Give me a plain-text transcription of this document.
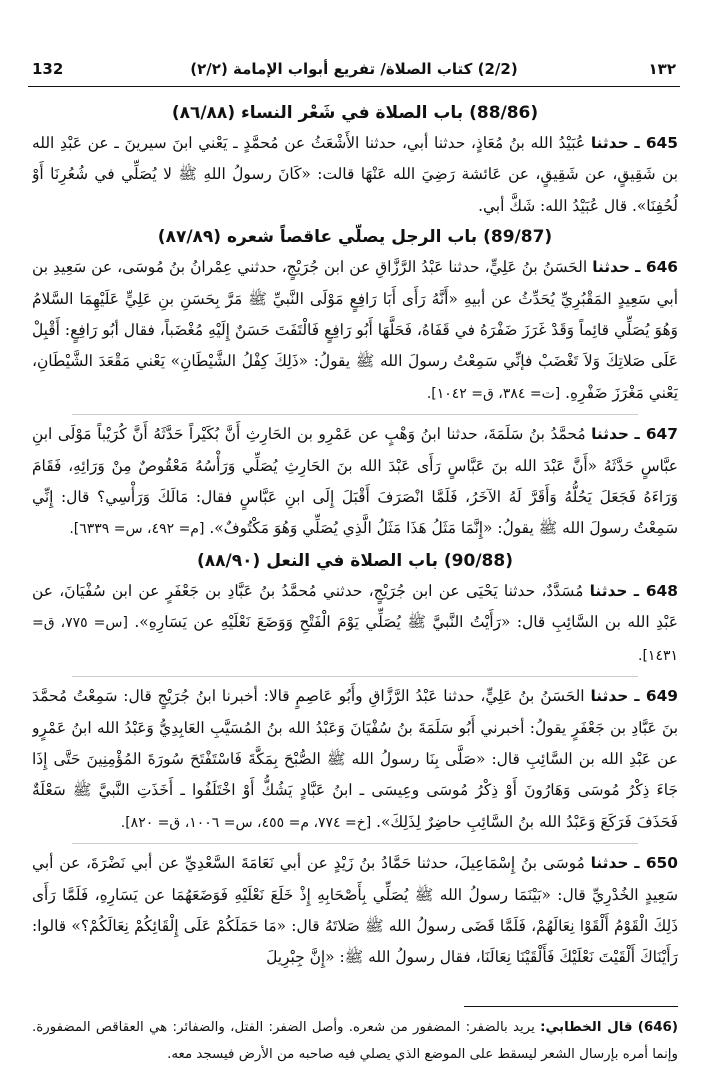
132	(2/2) كتاب الصلاة/ تفريع أبواب الإمامة (٢/٢)	١٣٢
(88/86) باب الصلاة في شَعْر النساء (٨٦/٨٨)

645 ـ حدثنا عُبَيْدُ الله بنُ مُعَاذٍ، حدثنا أبي، حدثنا الأَشْعَثُ عن مُحمَّدٍ ـ يَعْني ابنَ سيرينَ ـ عن عَبْدِ الله بن شَقِيقٍ، عن شَقِيقٍ، عن عَائشة رَضِيَ الله عَنْهَا قالت: «كَانَ رسولُ اللهِ ﷺ لا يُصَلِّي في شُعُرِنَا أَوْ لُحُفِنَا». قال عُبَيْدُ الله: شَكَّ أبي.

(89/87) باب الرجل يصلّي عاقصاً شعره (٨٧/٨٩)

646 ـ حدثنا الحَسَنُ بنُ عَلِيٍّ، حدثنا عَبْدُ الرَّزَّاقِ عن ابن جُرَيْجٍ، حدثني عِمْرانُ بنُ مُوسَى، عن سَعِيدِ بن أبي سَعِيدٍ المَقْبُرِيِّ يُحَدِّثُ عن أبيهِ «أَنَّهُ رَأَى أَبَا رَافِعٍ مَوْلَى النَّبيِّ ﷺ مَرَّ بِحَسَنِ بنِ عَلِيٍّ عَلَيْهِمَا السَّلامُ وَهُوَ يُصَلِّي قائِماً وَقَدْ غَرَزَ ضَفْرَهُ في قَفَاهُ، فَحَلَّهَا أَبُو رَافِعٍ فَالْتَفَتَ حَسَنٌ إِلَيْهِ مُغْضَباً، فقال أبُو رَافِعٍ: أَقْبِلْ عَلَى صَلاتِكَ وَلاَ تَغْضَبْ فإنِّي سَمِعْتُ رسولَ الله ﷺ يقولُ: «ذَلِكَ كِفْلُ الشَّيْطَانِ» يَعْني مَقْعَدَ الشَّيْطَانِ، يَعْني مَغْرَزَ ضَفْرِهِ. [ت= ٣٨٤، ق= ١٠٤٢].

647 ـ حدثنا مُحمَّدُ بنُ سَلَمَةَ، حدثنا ابنُ وَهْبٍ عن عَمْرِو بن الحَارِثِ أَنَّ بُكَيْراً حَدَّثَهُ أَنَّ كُرَيْباً مَوْلَى ابنِ عبَّاسٍ حَدَّثَهُ «أَنَّ عَبْدَ الله بنَ عَبَّاسٍ رَأَى عَبْدَ الله بنَ الحَارِثِ يُصَلِّي وَرَأْسُهُ مَعْقُوصٌ مِنْ وَرَائِهِ، فَقَامَ وَرَاءَهُ فَجَعَلَ يَحُلُّهُ وَأَقَرَّ لَهُ الآخَرُ، فَلَمَّا انْصَرَفَ أَقْبَلَ إِلَى ابنِ عَبَّاسٍ فقال: مَالَكَ وَرَأْسِي؟ قال: إِنِّي سَمِعْتُ رسولَ الله ﷺ يقولُ: «إِنَّمَا مَثَلُ هَذَا مَثَلُ الَّذِي يُصَلِّي وَهُوَ مَكْتُوفٌ». [م= ٤٩٢، س= ٦٣٣٩].

(90/88) باب الصلاة في النعل (٨٨/٩٠)

648 ـ حدثنا مُسَدَّدٌ، حدثنا يَحْيَى عن ابن جُرَيْجٍ، حدثني مُحمَّدُ بنُ عَبَّادِ بن جَعْفَرٍ عن ابن سُفْيَانَ، عن عَبْدِ الله بن السَّائِبِ قال: «رَأَيْتُ النَّبيَّ ﷺ يُصَلِّي يَوْمَ الْفَتْحِ وَوَضَعَ نَعْلَيْهِ عن يَسَارِهِ». [س= ٧٧٥، ق= ١٤٣١].

649 ـ حدثنا الحَسَنُ بنُ عَلِيٍّ، حدثنا عَبْدُ الرَّزَّاقِ وأَبُو عَاصِمٍ قالا: أخبرنا ابنُ جُرَيْجٍ قال: سَمِعْتُ مُحمَّدَ بنَ عَبَّادِ بن جَعْفَرٍ يقولُ: أخبرني أَبُو سَلَمَةَ بنُ سُفْيَانَ وَعَبْدُ الله بنُ المُسَيَّبِ العَابِدِيُّ وَعَبْدُ الله ابنُ عَمْرٍو عن عَبْدِ الله بن السَّائِبِ قال: «صَلَّى بِنَا رسولُ الله ﷺ الصُّبْحَ بِمَكَّةَ فَاسْتَفْتَحَ سُورَةَ المُؤْمِنِينَ حَتَّى إِذَا جَاءَ ذِكْرُ مُوسَى وَهَارُونَ أَوْ ذِكْرُ مُوسَى وعِيسَى ـ ابنُ عَبَّادٍ يَشُكُّ أَوْ اخْتَلَفُوا ـ أَخَذَتِ النَّبيَّ ﷺ سَعْلَةٌ فَحَذَفَ فَرَكَعَ وَعَبْدُ الله بنُ السَّائِبِ حاضِرٌ لِذَلِكَ». [خ= ٧٧٤، م= ٤٥٥، س= ١٠٠٦، ق= ٨٢٠].

650 ـ حدثنا مُوسَى بنُ إِسْمَاعِيلَ، حدثنا حَمَّادُ بنُ زَيْدٍ عن أبي نَعَامَةَ السَّعْدِيِّ عن أبي نَضْرَةَ، عن أبي سَعِيدٍ الخُدْرِيِّ قال: «بَيْنَمَا رسولُ الله ﷺ يُصَلِّي بِأَصْحَابِهِ إِذْ خَلَعَ نَعْلَيْهِ فَوَضَعَهُمَا عن يَسَارِهِ، فَلَمَّا رَأَى ذَلِكَ الْقَوْمُ أَلْقَوْا نِعَالَهُمْ، فَلَمَّا قَضَى رسولُ الله ﷺ صَلاتَهُ قال: «مَا حَمَلَكُمْ عَلَى إِلْقَائِكُمْ نِعَالَكُمْ؟» قالوا: رَأَيْنَاكَ أَلْقَيْتَ نَعْلَيْكَ فَأَلْقَيْنَا نِعَالَنَا، فقال رسولُ الله ﷺ: «إِنَّ جِبْرِيلَ

(646) قال الخطابي: يريد بالضفر: المضفور من شعره. وأصل الضفر: الفتل، والضفائر: هي العقاقص المضفورة. وإنما أمره بإرسال الشعر ليسقط على الموضع الذي يصلي فيه صاحبه من الأرض فيسجد معه.
